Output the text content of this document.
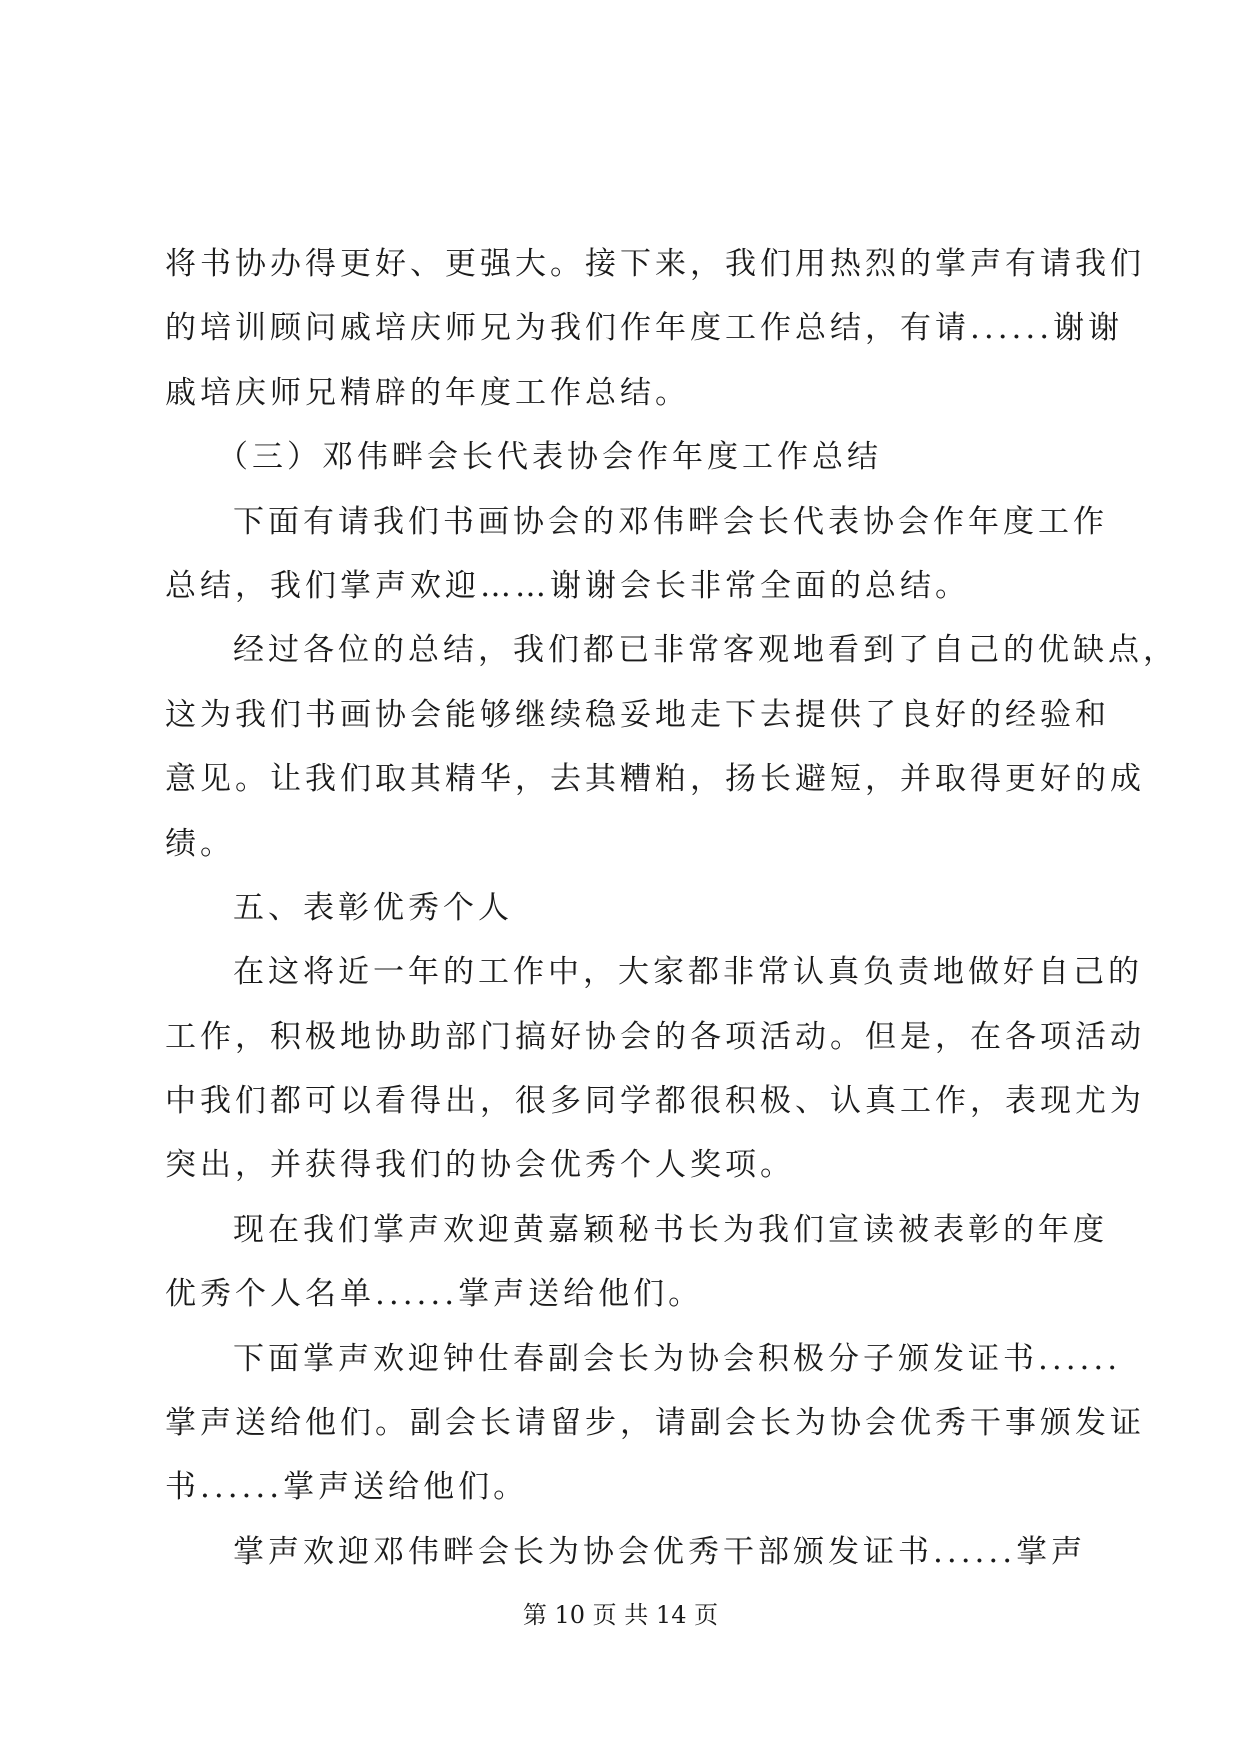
将书协办得更好、更强大。接下来，我们用热烈的掌声有请我们
的培训顾问戚培庆师兄为我们作年度工作总结，有请......谢谢
戚培庆师兄精辟的年度工作总结。
（三）邓伟畔会长代表协会作年度工作总结
下面有请我们书画协会的邓伟畔会长代表协会作年度工作
总结，我们掌声欢迎……谢谢会长非常全面的总结。
经过各位的总结，我们都已非常客观地看到了自己的优缺点，
这为我们书画协会能够继续稳妥地走下去提供了良好的经验和
意见。让我们取其精华，去其糟粕，扬长避短，并取得更好的成
绩。
五、表彰优秀个人
在这将近一年的工作中，大家都非常认真负责地做好自己的
工作，积极地协助部门搞好协会的各项活动。但是，在各项活动
中我们都可以看得出，很多同学都很积极、认真工作，表现尤为
突出，并获得我们的协会优秀个人奖项。
现在我们掌声欢迎黄嘉颖秘书长为我们宣读被表彰的年度
优秀个人名单......掌声送给他们。
下面掌声欢迎钟仕春副会长为协会积极分子颁发证书......
掌声送给他们。副会长请留步，请副会长为协会优秀干事颁发证
书......掌声送给他们。
掌声欢迎邓伟畔会长为协会优秀干部颁发证书......掌声
第 10 页 共 14 页
